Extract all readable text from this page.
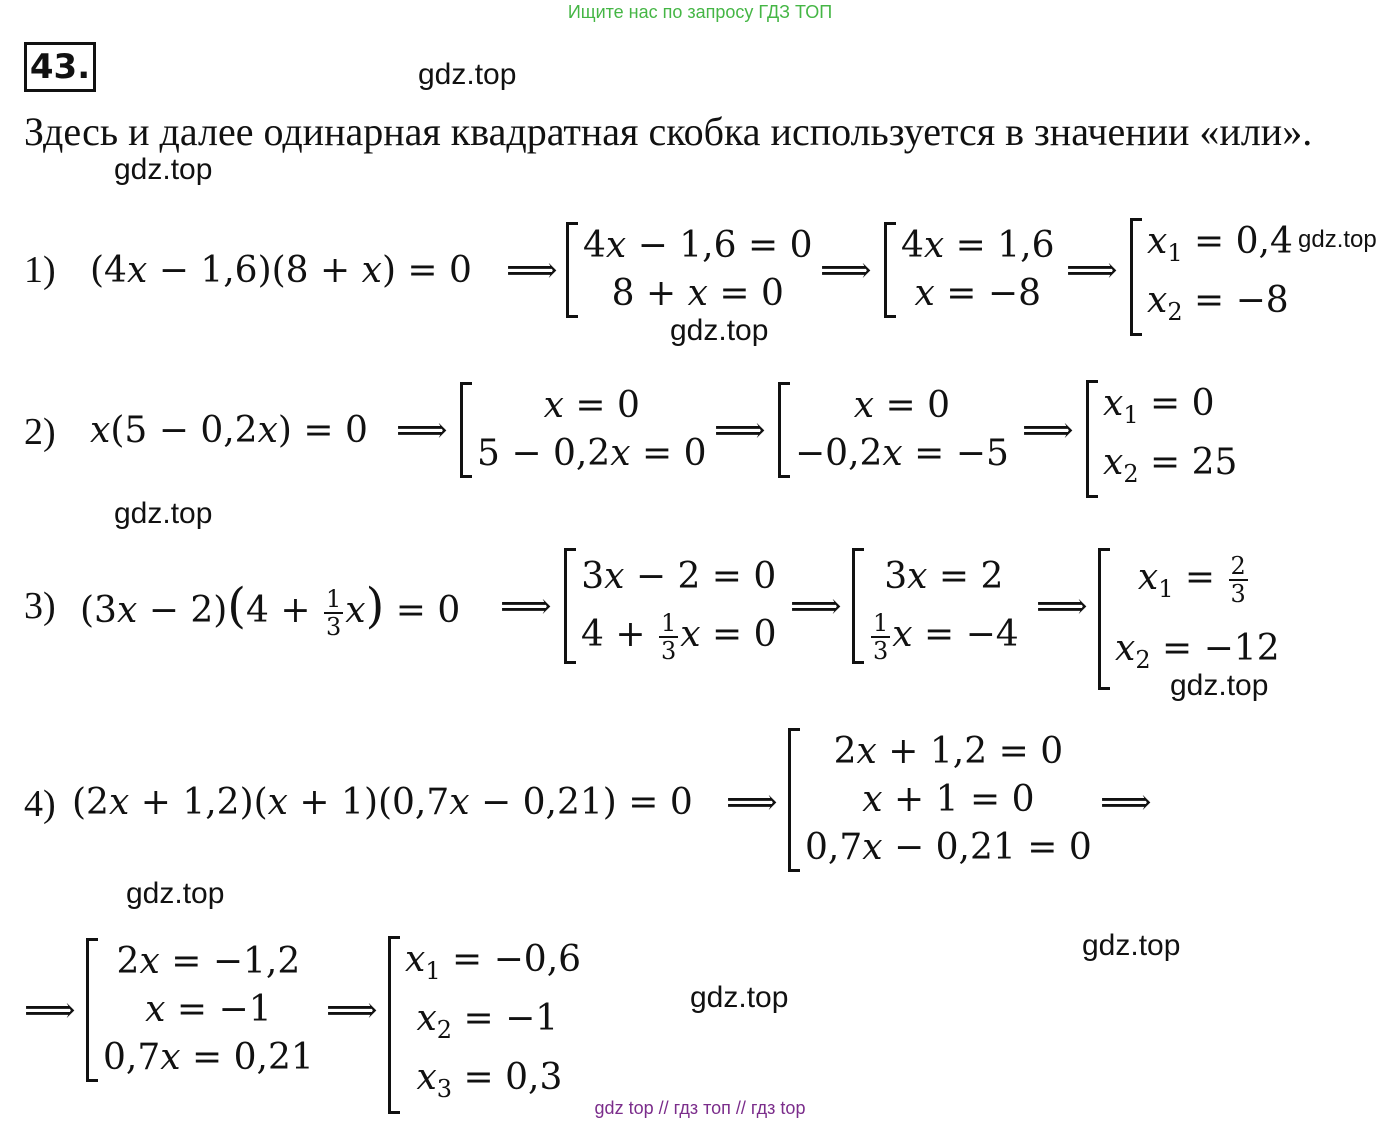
Ищите нас по запросу ГДЗ ТОП
gdz top // гдз топ // гдз top
43.	gdz.top
gdz.top
gdz.top
gdz.top
gdz.top
gdz.top
gdz.top
gdz.top
gdz.top
Здесь и далее одинарная квадратная скобка используется в значении «или».
1) (4x − 1,6)(8 + x) = 0 ⟹
4x − 1,6 = 0
8 + x = 0
⟹
4x = 1,6
x = −8
⟹
$x_1 = 0,4$
$x_2 = -8$
2) x(5 − 0,2x) = 0 ⟹
x = 0
5 − 0,2x = 0
⟹
x = 0
−0,2x = −5
⟹
$x_1 = 0$
$x_2 = 25$
3) $(3x - 2)(4 + \frac{1}{3} x) = 0$ ⟹
3x − 2 = 0
$4 + \frac{1}{3}$ x = 0
⟹
3x = 2
$\frac{1}{3}$ x = −4
⟹
$x_1 = \frac{2}{3}$
$x_2 = -12$
4) (2x + 1,2)(x + 1)(0,7x − 0,21) = 0 ⟹
2x + 1,2 = 0
x + 1 = 0
0,7x − 0,21 = 0
⟹
⟹
2x = −1,2
x = −1
0,7x = 0,21
⟹
$x_1 = -0,6$
$x_2 = -1$
$x_3 = 0,3$
